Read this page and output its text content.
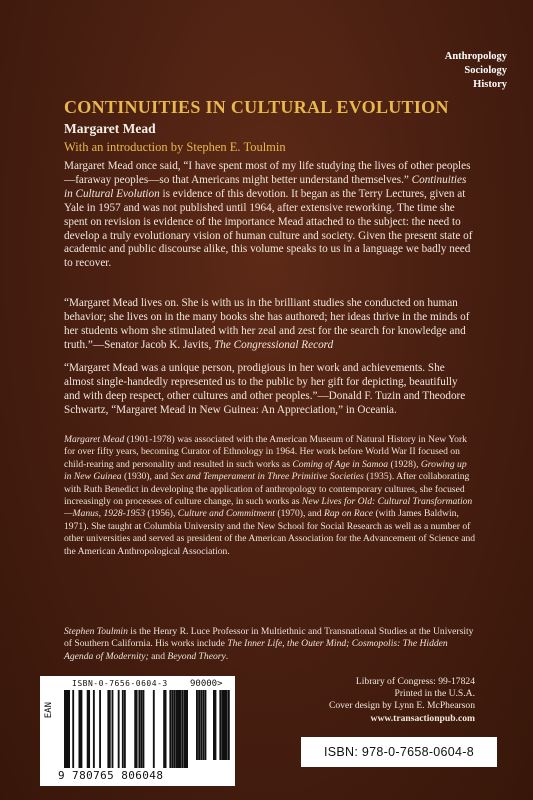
Anthropology
Sociology
History
CONTINUITIES IN CULTURAL EVOLUTION
Margaret Mead
With an introduction by Stephen E. Toulmin

Margaret Mead once said, “I have spent most of my life studying the lives of other peoples—faraway peoples—so that Americans might better understand themselves.” Continuities in Cultural Evolution is evidence of this devotion. It began as the Terry Lectures, given at Yale in 1957 and was not published until 1964, after extensive reworking. The time she spent on revision is evidence of the importance Mead attached to the subject: the need to develop a truly evolutionary vision of human culture and society. Given the present state of academic and public discourse alike, this volume speaks to us in a language we badly need to recover.

“Margaret Mead lives on. She is with us in the brilliant studies she conducted on human behavior; she lives on in the many books she has authored; her ideas thrive in the minds of her students whom she stimulated with her zeal and zest for the search for knowledge and truth.”—Senator Jacob K. Javits, The Congressional Record

“Margaret Mead was a unique person, prodigious in her work and achievements. She almost single-handedly represented us to the public by her gift for depicting, beautifully and with deep respect, other cultures and other peoples.”—Donald F. Tuzin and Theodore Schwartz, “Margaret Mead in New Guinea: An Appreciation,” in Oceania.

Margaret Mead (1901-1978) was associated with the American Museum of Natural History in New York for over fifty years, becoming Curator of Ethnology in 1964. Her work before World War II focused on child-rearing and personality and resulted in such works as Coming of Age in Samoa (1928), Growing up in New Guinea (1930), and Sex and Temperament in Three Primitive Societies (1935). After collaborating with Ruth Benedict in developing the application of anthropology to contemporary cultures, she focused increasingly on processes of culture change, in such works as New Lives for Old: Cultural Transformation—Manus, 1928-1953 (1956), Culture and Commitment (1970), and Rap on Race (with James Baldwin, 1971). She taught at Columbia University and the New School for Social Research as well as a number of other universities and served as president of the American Association for the Advancement of Science and the American Anthropological Association.

Stephen Toulmin is the Henry R. Luce Professor in Multiethnic and Transnational Studies at the University of Southern California. His works include The Inner Life, the Outer Mind; Cosmopolis: The Hidden Agenda of Modernity; and Beyond Theory.

ISBN-0-7656-0604-3 90000>
EAN
9 780765 806048
Library of Congress: 99-17824
Printed in the U.S.A.
Cover design by Lynn E. McPhearson
www.transactionpub.com
ISBN: 978-0-7658-0604-8
